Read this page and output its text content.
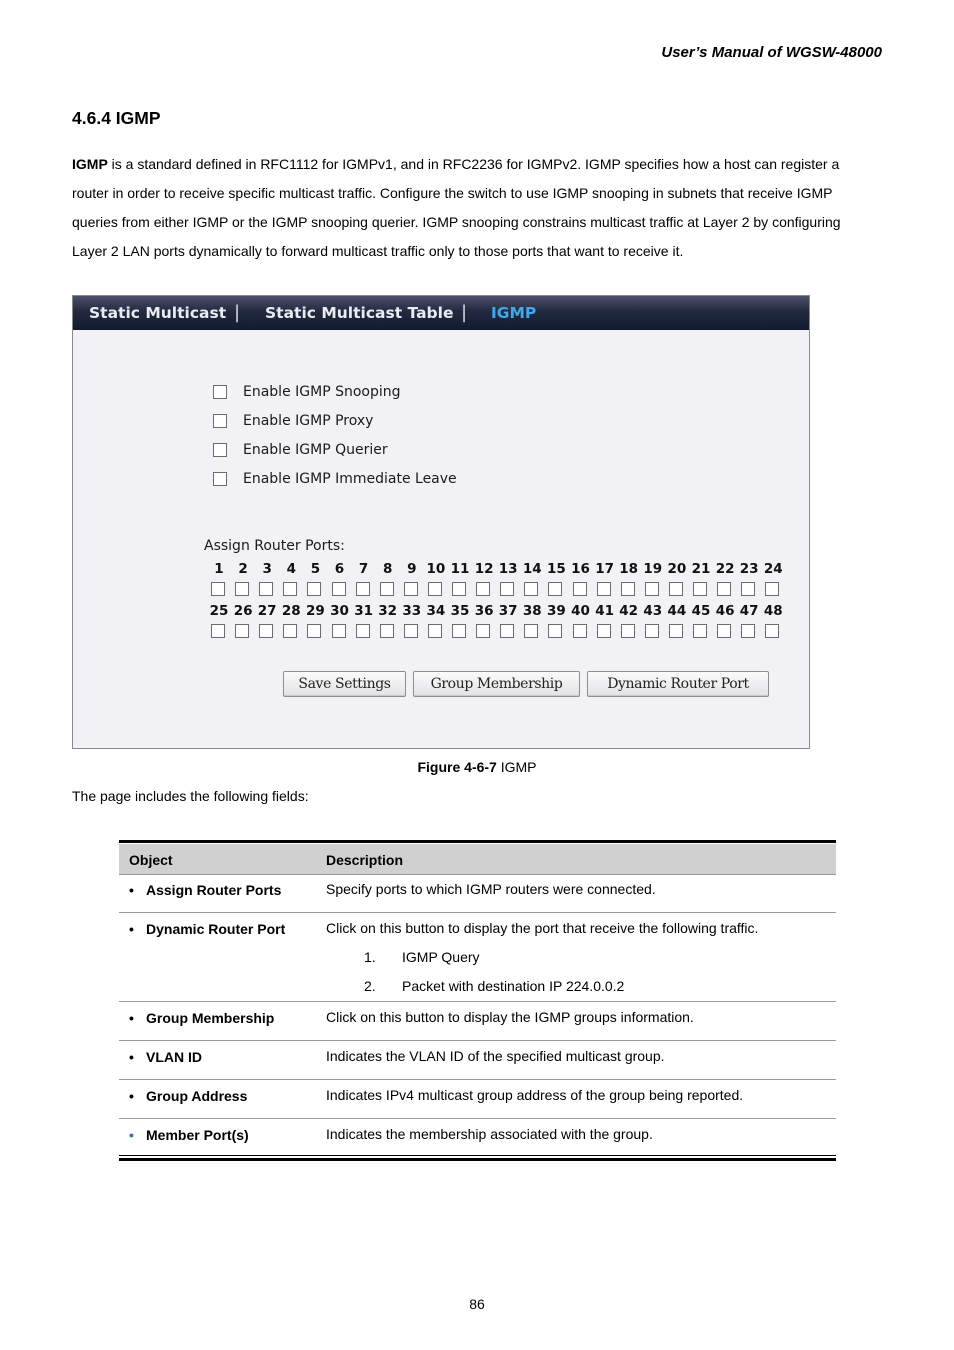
User’s Manual of WGSW-48000
4.6.4 IGMP

IGMP is a standard defined in RFC1112 for IGMPv1, and in RFC2236 for IGMPv2. IGMP specifies how a host can register a router in order to receive specific multicast traffic. Configure the switch to use IGMP snooping in subnets that receive IGMP queries from either IGMP or the IGMP snooping querier. IGMP snooping constrains multicast traffic at Layer 2 by configuring Layer 2 LAN ports dynamically to forward multicast traffic only to those ports that want to receive it.

Static Multicast | Static Multicast Table | IGMP
Enable IGMP Snooping
Enable IGMP Proxy
Enable IGMP Querier
Enable IGMP Immediate Leave
Assign Router Ports:
1	2	3	4	5	6	7	8	9 10 11 12 13 14 15 16 17 18 19 20 21 22 23 24
25 26 27 28 29 30 31 32 33 34 35 36 37 38 39 40 41 42 43 44 45 46 47 48
Save Settings	Group Membership	Dynamic Router Port
Figure 4-6-7 IGMP
The page includes the following fields:
Object	Description
• Assign Router Ports	Specify ports to which IGMP routers were connected.
• Dynamic Router Port	Click on this button to display the port that receive the following traffic.
1. IGMP Query
2. Packet with destination IP 224.0.0.2
• Group Membership	Click on this button to display the IGMP groups information.
• VLAN ID	Indicates the VLAN ID of the specified multicast group.
• Group Address	Indicates IPv4 multicast group address of the group being reported.
• Member Port(s)	Indicates the membership associated with the group.
86
